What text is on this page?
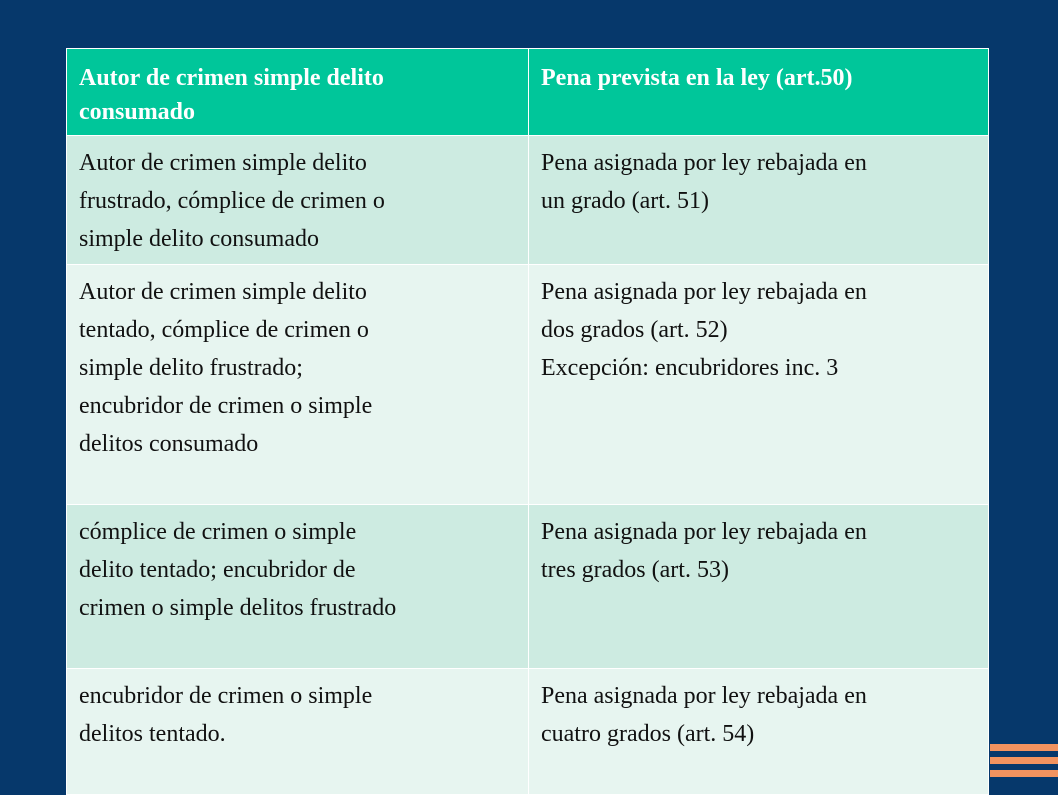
Autor de crimen simple delito
consumado	Pena prevista en la ley (art.50)

Autor de crimen simple delito
frustrado, cómplice de crimen o
simple delito consumado	Pena asignada por ley rebajada en
un grado (art. 51)

Autor de crimen simple delito
tentado, cómplice de crimen o
simple delito frustrado;
encubridor de crimen o simple
delitos consumado	Pena asignada por ley rebajada en
dos grados (art. 52)
Excepción: encubridores inc. 3

cómplice de crimen o simple
delito tentado; encubridor de
crimen o simple delitos frustrado	Pena asignada por ley rebajada en
tres grados (art. 53)

encubridor de crimen o simple
delitos tentado.	Pena asignada por ley rebajada en
cuatro grados (art. 54)
